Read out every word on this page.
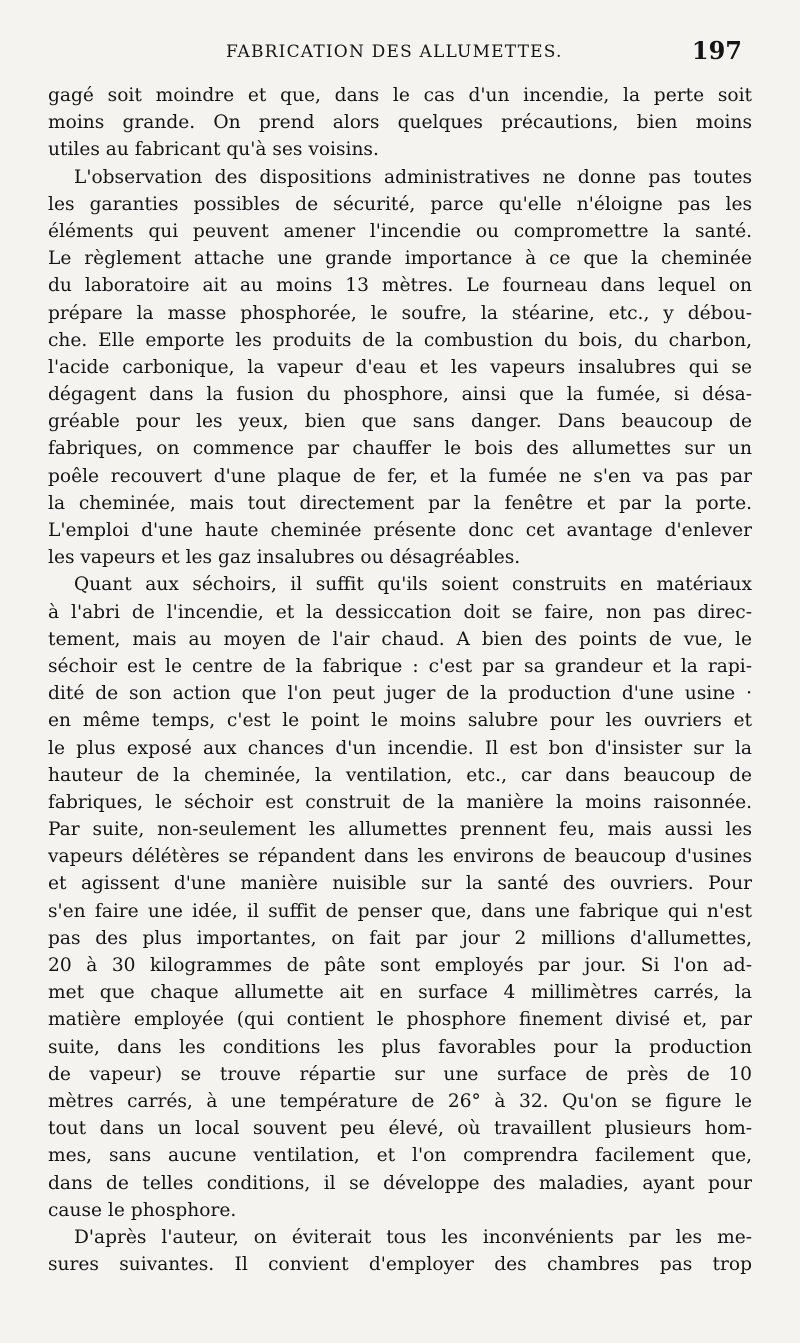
FABRICATION DES ALLUMETTES.	197
gagé soit moindre et que, dans le cas d'un incendie, la perte soit
moins grande. On prend alors quelques précautions, bien moins
utiles au fabricant qu'à ses voisins.
L'observation des dispositions administratives ne donne pas toutes
les garanties possibles de sécurité, parce qu'elle n'éloigne pas les
éléments qui peuvent amener l'incendie ou compromettre la santé.
Le règlement attache une grande importance à ce que la cheminée
du laboratoire ait au moins 13 mètres. Le fourneau dans lequel on
prépare la masse phosphorée, le soufre, la stéarine, etc., y débou-
che. Elle emporte les produits de la combustion du bois, du charbon,
l'acide carbonique, la vapeur d'eau et les vapeurs insalubres qui se
dégagent dans la fusion du phosphore, ainsi que la fumée, si désa-
gréable pour les yeux, bien que sans danger. Dans beaucoup de
fabriques, on commence par chauffer le bois des allumettes sur un
poêle recouvert d'une plaque de fer, et la fumée ne s'en va pas par
la cheminée, mais tout directement par la fenêtre et par la porte.
L'emploi d'une haute cheminée présente donc cet avantage d'enlever
les vapeurs et les gaz insalubres ou désagréables.
Quant aux séchoirs, il suffit qu'ils soient construits en matériaux
à l'abri de l'incendie, et la dessiccation doit se faire, non pas direc-
tement, mais au moyen de l'air chaud. A bien des points de vue, le
séchoir est le centre de la fabrique : c'est par sa grandeur et la rapi-
dité de son action que l'on peut juger de la production d'une usine ·
en même temps, c'est le point le moins salubre pour les ouvriers et
le plus exposé aux chances d'un incendie. Il est bon d'insister sur la
hauteur de la cheminée, la ventilation, etc., car dans beaucoup de
fabriques, le séchoir est construit de la manière la moins raisonnée.
Par suite, non-seulement les allumettes prennent feu, mais aussi les
vapeurs délétères se répandent dans les environs de beaucoup d'usines
et agissent d'une manière nuisible sur la santé des ouvriers. Pour
s'en faire une idée, il suffit de penser que, dans une fabrique qui n'est
pas des plus importantes, on fait par jour 2 millions d'allumettes,
20 à 30 kilogrammes de pâte sont employés par jour. Si l'on ad-
met que chaque allumette ait en surface 4 millimètres carrés, la
matière employée (qui contient le phosphore finement divisé et, par
suite, dans les conditions les plus favorables pour la production
de vapeur) se trouve répartie sur une surface de près de 10
mètres carrés, à une température de 26° à 32. Qu'on se figure le
tout dans un local souvent peu élevé, où travaillent plusieurs hom-
mes, sans aucune ventilation, et l'on comprendra facilement que,
dans de telles conditions, il se développe des maladies, ayant pour
cause le phosphore.
D'après l'auteur, on éviterait tous les inconvénients par les me-
sures suivantes. Il convient d'employer des chambres pas trop
